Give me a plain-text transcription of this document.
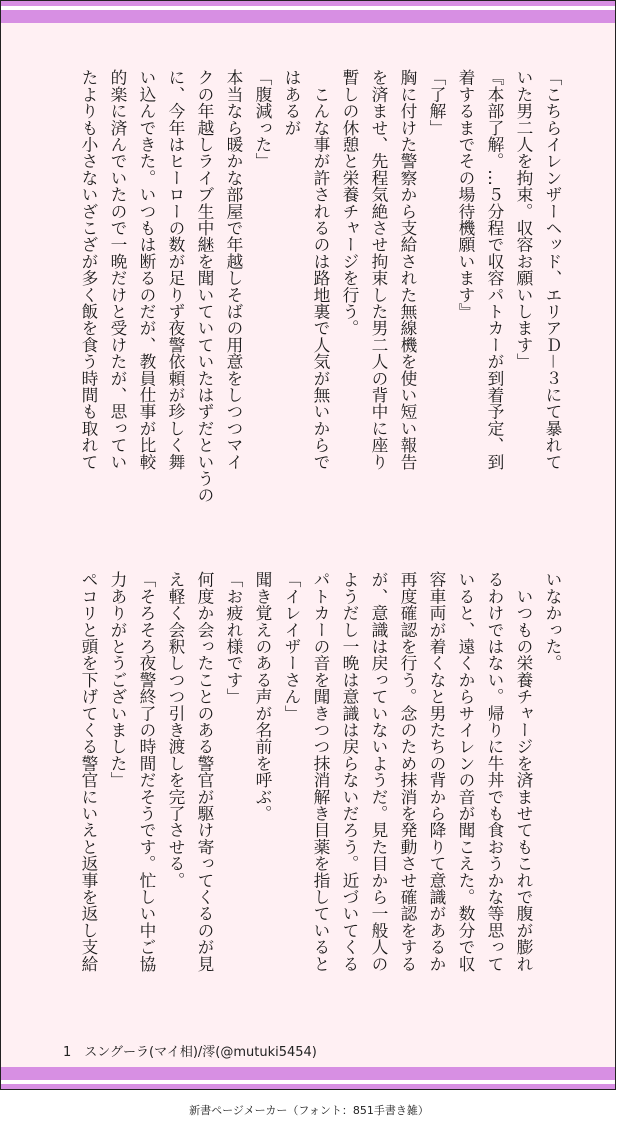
「こちらイレンザーヘッド、エリアＤ－３にて暴れて
いた男二人を拘束。収容お願いします」
『本部了解。…５分程で収容パトカーが到着予定、到
着するまでその場待機願います』
「了解」
胸に付けた警察から支給された無線機を使い短い報告
を済ませ、先程気絶させ拘束した男二人の背中に座り
暫しの休憩と栄養チャージを行う。
　こんな事が許されるのは路地裏で人気が無いからで
はあるが
「腹減った」
本当なら暖かな部屋で年越しそばの用意をしつつマイ
クの年越しライブ生中継を聞いていていたはずだというの
に、今年はヒーローの数が足りず夜警依頼が珍しく舞
い込んできた。いつもは断るのだが、教員仕事が比較
的楽に済んでいたので一晩だけと受けたが、思ってい
たよりも小さないざこざが多く飯を食う時間も取れて
いなかった。
　いつもの栄養チャージを済ませてもこれで腹が膨れ
るわけではない。帰りに牛丼でも食おうかな等思って
いると、遠くからサイレンの音が聞こえた。数分で収
容車両が着くなと男たちの背から降りて意識があるか
再度確認を行う。念のため抹消を発動させ確認をする
が、意識は戻っていないようだ。見た目から一般人の
ようだし一晩は意識は戻らないだろう。近づいてくる
パトカーの音を聞きつつ抹消解き目薬を指していると
「イレイザーさん」
聞き覚えのある声が名前を呼ぶ。
「お疲れ様です」
何度か会ったことのある警官が駆け寄ってくるのが見
え軽く会釈しつつ引き渡しを完了させる。
「そろそろ夜警終了の時間だそうです。忙しい中ご協
力ありがとうございました」
ペコリと頭を下げてくる警官にいえと返事を返し支給
1　スングーラ(マイ相)/澪(@mutuki5454)
新書ページメーカー（フォント：851手書き雑）
